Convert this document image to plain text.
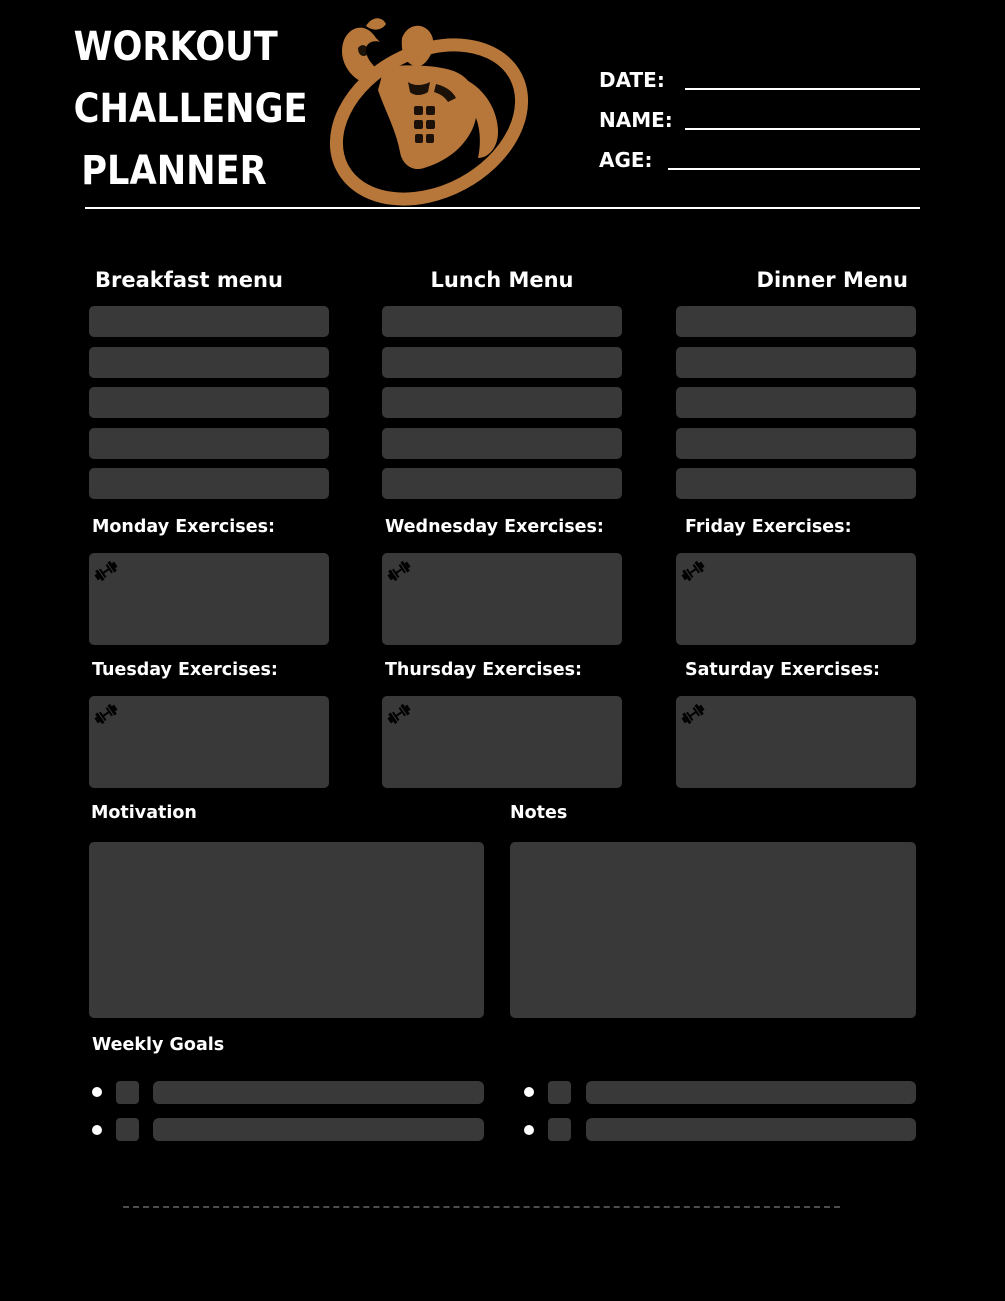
WORKOUT
CHALLENGE
PLANNER
DATE:
NAME:
AGE:
Breakfast menu	Lunch Menu	Dinner Menu
Monday Exercises:	Wednesday Exercises:	Friday Exercises:
Tuesday Exercises:	Thursday Exercises:	Saturday Exercises:
Motivation	Notes
Weekly Goals
